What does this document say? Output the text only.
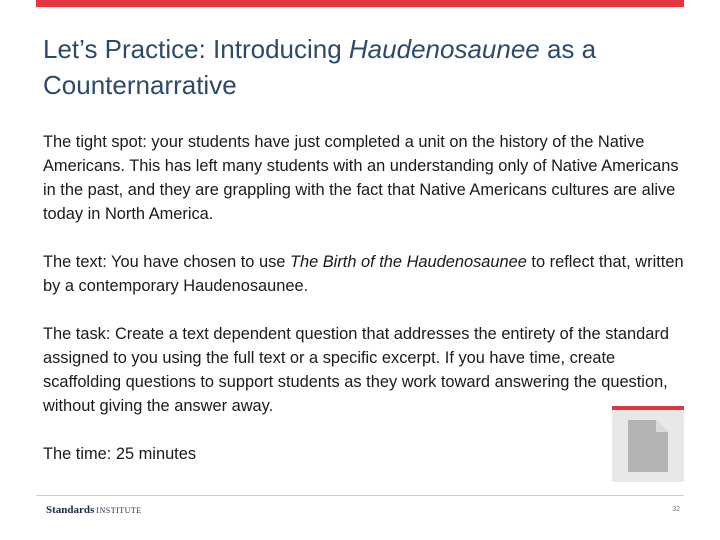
Let’s Practice: Introducing Haudenosaunee as a Counternarrative

The tight spot: your students have just completed a unit on the history of the Native Americans. This has left many students with an understanding only of Native Americans in the past, and they are grappling with the fact that Native Americans cultures are alive today in North America.

The text: You have chosen to use The Birth of the Haudenosaunee to reflect that, written by a contemporary Haudenosaunee.

The task: Create a text dependent question that addresses the entirety of the standard assigned to you using the full text or a specific excerpt. If you have time, create scaffolding questions to support students as they work toward answering the question, without giving the answer away.

The time: 25 minutes

Standards INSTITUTE	32
